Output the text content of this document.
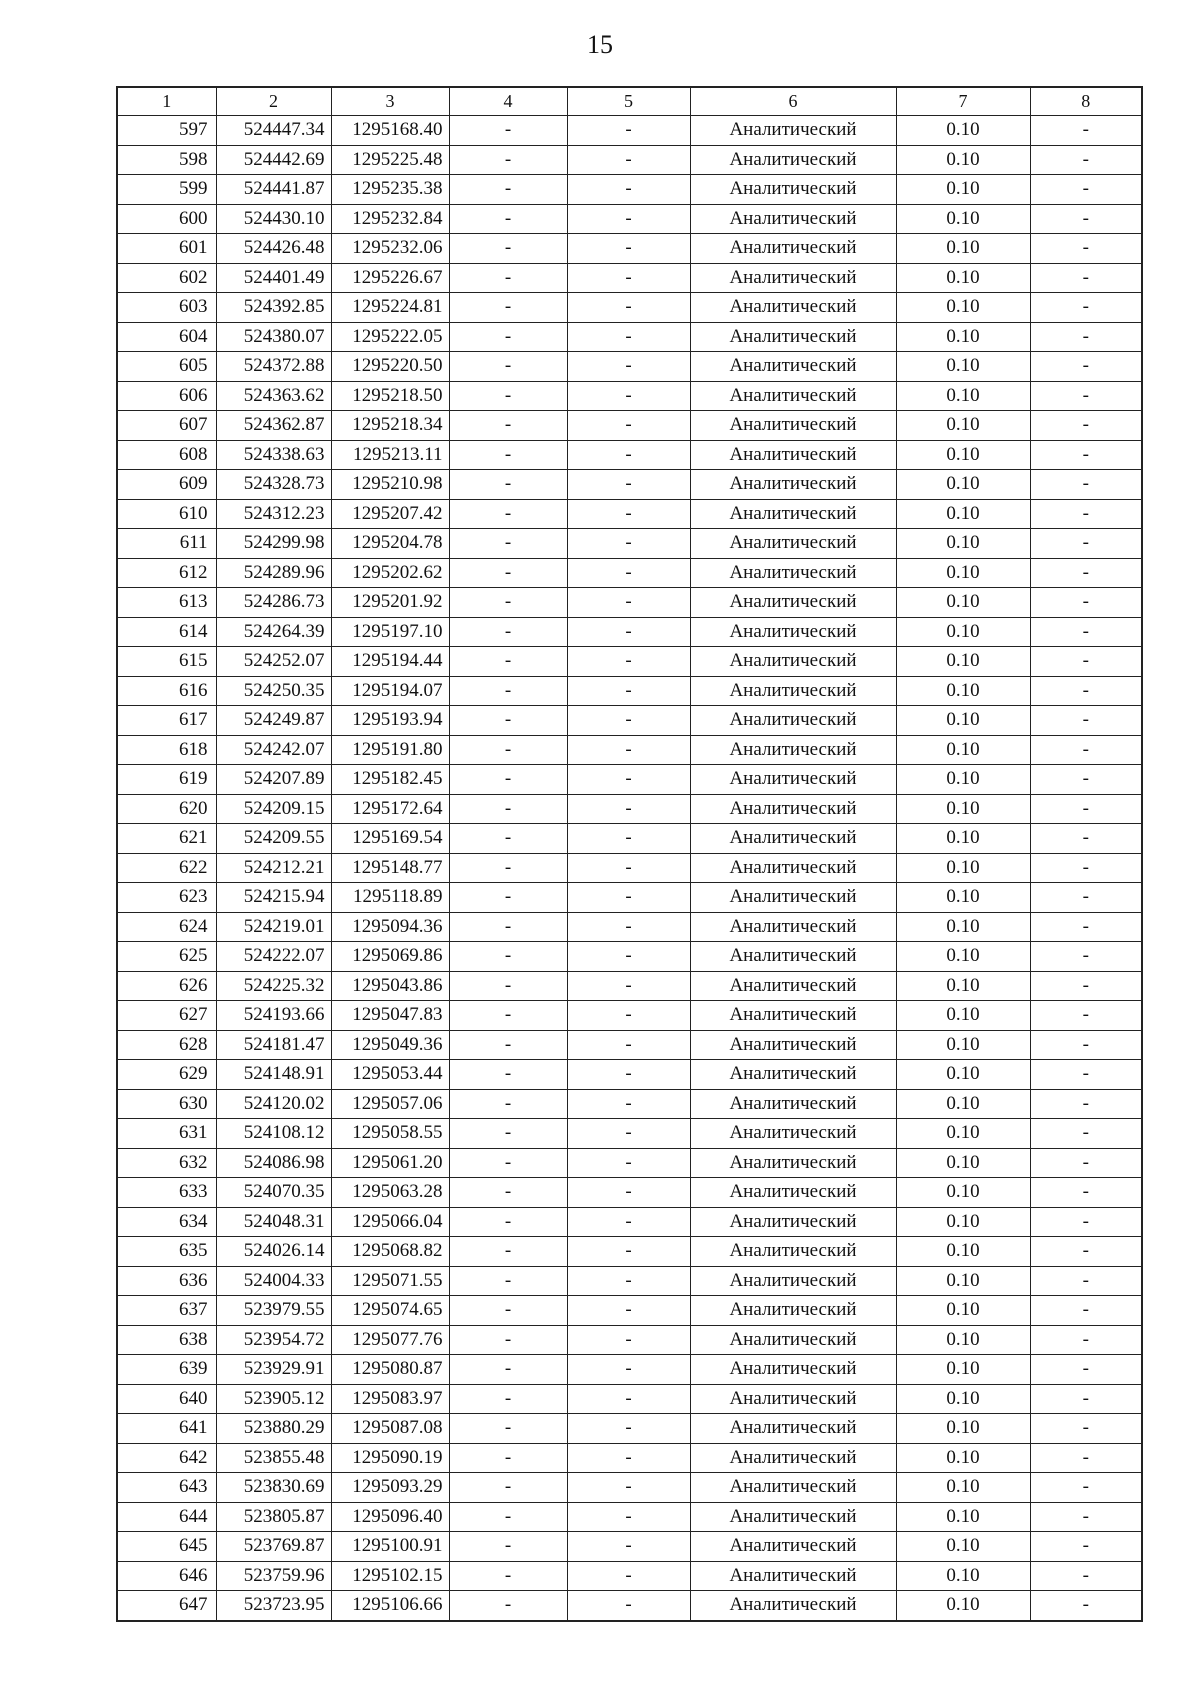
15
1	2	3	4	5	6	7	8
597	524447.34	1295168.40	-	-	Аналитический	0.10	-
598	524442.69	1295225.48	-	-	Аналитический	0.10	-
599	524441.87	1295235.38	-	-	Аналитический	0.10	-
600	524430.10	1295232.84	-	-	Аналитический	0.10	-
601	524426.48	1295232.06	-	-	Аналитический	0.10	-
602	524401.49	1295226.67	-	-	Аналитический	0.10	-
603	524392.85	1295224.81	-	-	Аналитический	0.10	-
604	524380.07	1295222.05	-	-	Аналитический	0.10	-
605	524372.88	1295220.50	-	-	Аналитический	0.10	-
606	524363.62	1295218.50	-	-	Аналитический	0.10	-
607	524362.87	1295218.34	-	-	Аналитический	0.10	-
608	524338.63	1295213.11	-	-	Аналитический	0.10	-
609	524328.73	1295210.98	-	-	Аналитический	0.10	-
610	524312.23	1295207.42	-	-	Аналитический	0.10	-
611	524299.98	1295204.78	-	-	Аналитический	0.10	-
612	524289.96	1295202.62	-	-	Аналитический	0.10	-
613	524286.73	1295201.92	-	-	Аналитический	0.10	-
614	524264.39	1295197.10	-	-	Аналитический	0.10	-
615	524252.07	1295194.44	-	-	Аналитический	0.10	-
616	524250.35	1295194.07	-	-	Аналитический	0.10	-
617	524249.87	1295193.94	-	-	Аналитический	0.10	-
618	524242.07	1295191.80	-	-	Аналитический	0.10	-
619	524207.89	1295182.45	-	-	Аналитический	0.10	-
620	524209.15	1295172.64	-	-	Аналитический	0.10	-
621	524209.55	1295169.54	-	-	Аналитический	0.10	-
622	524212.21	1295148.77	-	-	Аналитический	0.10	-
623	524215.94	1295118.89	-	-	Аналитический	0.10	-
624	524219.01	1295094.36	-	-	Аналитический	0.10	-
625	524222.07	1295069.86	-	-	Аналитический	0.10	-
626	524225.32	1295043.86	-	-	Аналитический	0.10	-
627	524193.66	1295047.83	-	-	Аналитический	0.10	-
628	524181.47	1295049.36	-	-	Аналитический	0.10	-
629	524148.91	1295053.44	-	-	Аналитический	0.10	-
630	524120.02	1295057.06	-	-	Аналитический	0.10	-
631	524108.12	1295058.55	-	-	Аналитический	0.10	-
632	524086.98	1295061.20	-	-	Аналитический	0.10	-
633	524070.35	1295063.28	-	-	Аналитический	0.10	-
634	524048.31	1295066.04	-	-	Аналитический	0.10	-
635	524026.14	1295068.82	-	-	Аналитический	0.10	-
636	524004.33	1295071.55	-	-	Аналитический	0.10	-
637	523979.55	1295074.65	-	-	Аналитический	0.10	-
638	523954.72	1295077.76	-	-	Аналитический	0.10	-
639	523929.91	1295080.87	-	-	Аналитический	0.10	-
640	523905.12	1295083.97	-	-	Аналитический	0.10	-
641	523880.29	1295087.08	-	-	Аналитический	0.10	-
642	523855.48	1295090.19	-	-	Аналитический	0.10	-
643	523830.69	1295093.29	-	-	Аналитический	0.10	-
644	523805.87	1295096.40	-	-	Аналитический	0.10	-
645	523769.87	1295100.91	-	-	Аналитический	0.10	-
646	523759.96	1295102.15	-	-	Аналитический	0.10	-
647	523723.95	1295106.66	-	-	Аналитический	0.10	-
